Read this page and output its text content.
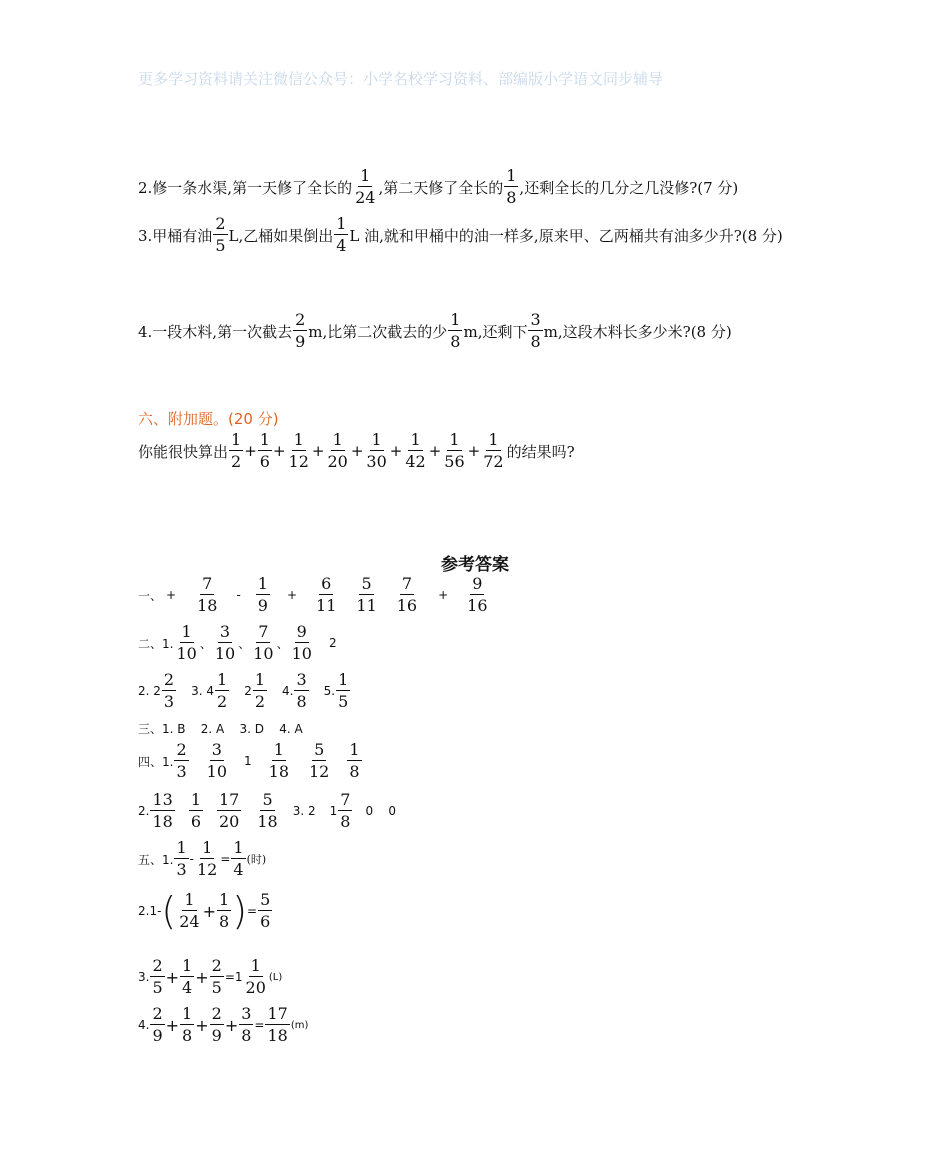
更多学习资料请关注微信公众号：小学名校学习资料、部编版小学语文同步辅导
2.修一条水渠,第一天修了全长的 $\frac{1}{24}$ ,第二天修了全长的 $\frac{1}{8}$ ,还剩全长的几分之几没修?(7 分)
3.甲桶有油 $\frac{2}{5} L$,乙桶如果倒出 $\frac{1}{4}$ L 油,就和甲桶中的油一样多,原来甲、乙两桶共有油多少升?(8 分)
4.一段木料,第一次截去 $\frac{2}{9} m$,比第二次截去的少 $\frac{1}{8} m$,还剩下 $\frac{3}{8} m$,这段木料长多少米?(8 分)
六、附加题。(20 分)
你能很快算出 $\frac{1}{2} + \frac{1}{6} + \frac{1}{12} + \frac{1}{20} + \frac{1}{30} + \frac{1}{42} + \frac{1}{56} + \frac{1}{72}$ 的结果吗?
参考答案
一、 + $\frac{7}{18} - \frac{1}{9} + \frac{6}{11} \frac{5}{11} \frac{7}{16} + \frac{9}{16}$
二、1. $\frac{1}{10}$ 、 $\frac{3}{10}$ 、 $\frac{7}{10}$ 、 $\frac{9}{10} 2$
2. $2 \frac{2}{3} 3$. $4 \frac{1}{2} 2 \frac{1}{2} 4$. $\frac{3}{8} 5$. $\frac{1}{5}$
三、1. B    2. A    3. D    4. A
四、1. $\frac{2}{3} \frac{3}{10} 1 \frac{1}{18} \frac{5}{12} \frac{1}{8}$
2. $\frac{13}{18} \frac{1}{6} \frac{17}{20} \frac{5}{18} 3$. 2 $1 \frac{7}{8} 0$    0
五、1. $\frac{1}{3} - \frac{1}{12} = \frac{1}{4}$ (时)
2.1- ( $\frac{1}{24} + \frac{1}{8}$ ) = $\frac{5}{6}$
3. $\frac{2}{5} + \frac{1}{4} + \frac{2}{5} =1 \frac{1}{20} (L)$
4. $\frac{2}{9} + \frac{1}{8} + \frac{2}{9} + \frac{3}{8} = \frac{17}{18} (m)$
